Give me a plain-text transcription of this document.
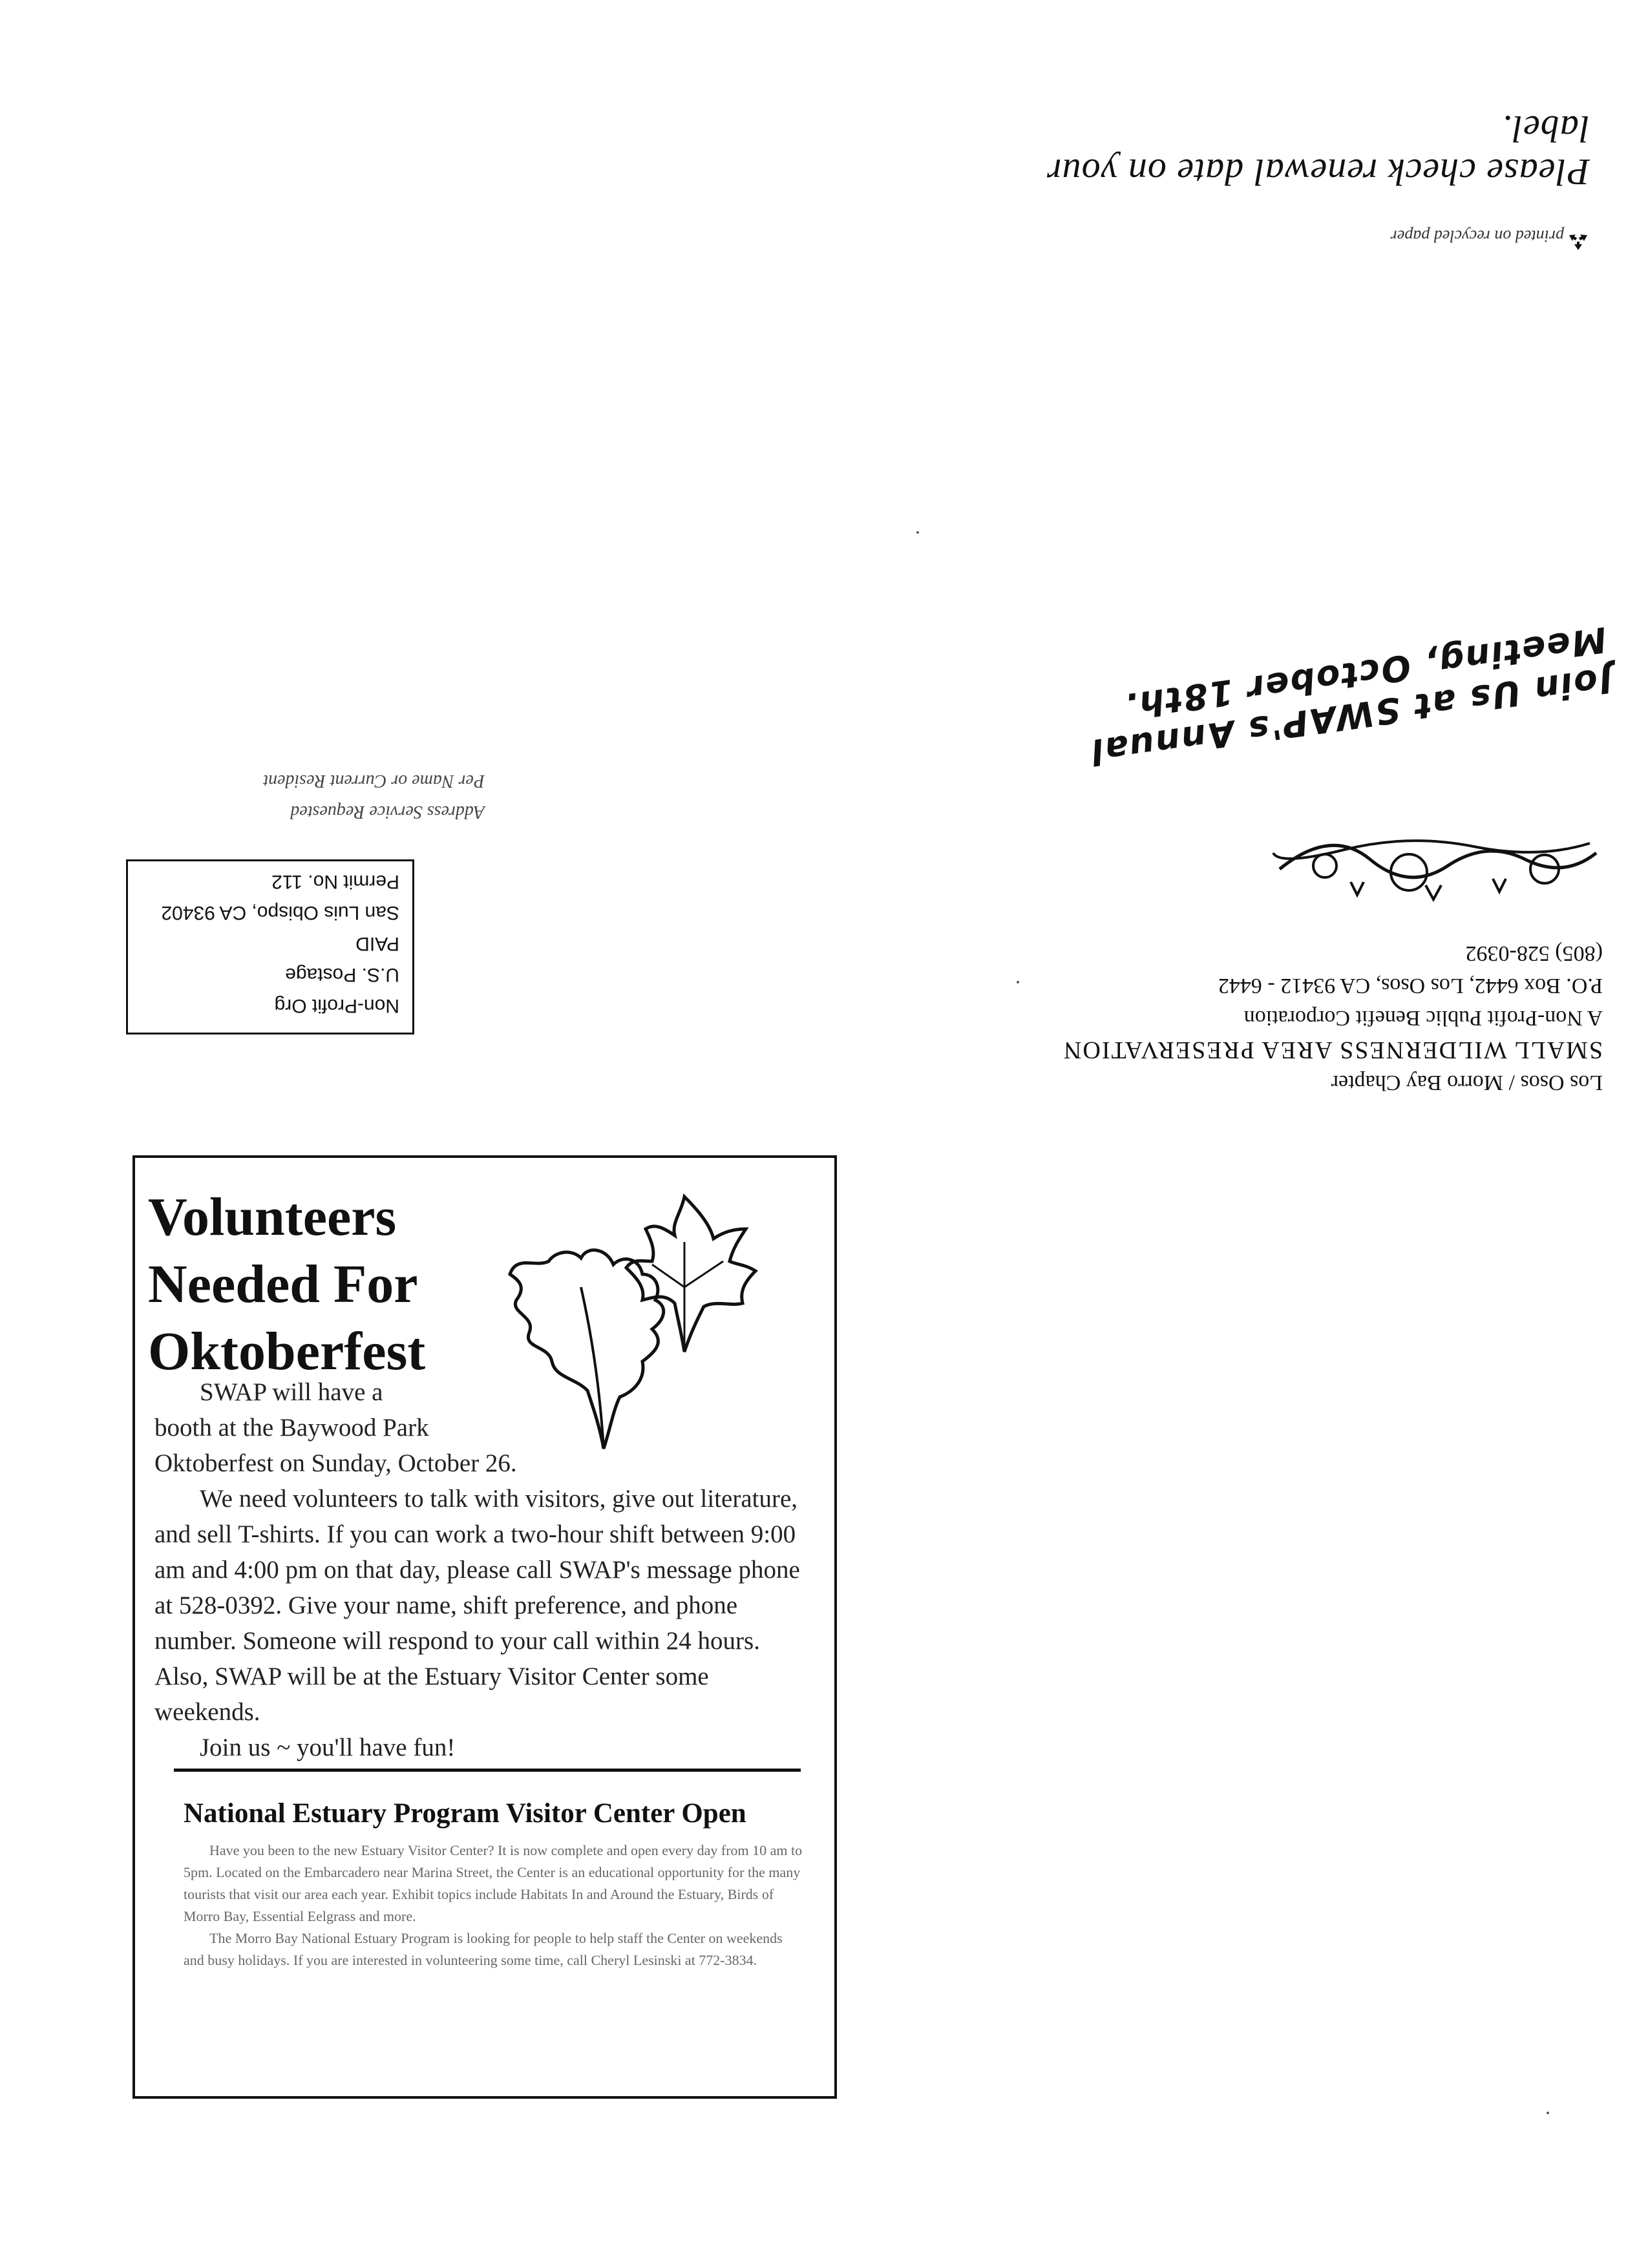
printed on recycled paper
Please check renewal date on your label.
Join Us at SWAP's Annual Meeting, October 18th.
Los Osos / Morro Bay Chapter
SMALL WILDERNESS AREA PRESERVATION
A Non-Profit Public Benefit Corporation
P.O. Box 6442, Los Osos, CA 93412 - 6442
(805) 528-0392
Non-Profit Org
U.S. Postage
PAID
San Luis Obispo, CA 93402
Permit No. 112
Address Service Requested
Per Name or Current Resident
Volunteers
Needed For
Oktoberfest

SWAP will have a

booth at the Baywood Park

Oktoberfest on Sunday, October 26.

We need volunteers to talk with visitors, give out literature, and sell T-shirts. If you can work a two-hour shift between 9:00 am and 4:00 pm on that day, please call SWAP's message phone at 528-0392. Give your name, shift preference, and phone number. Someone will respond to your call within 24 hours. Also, SWAP will be at the Estuary Visitor Center some weekends.

Join us ~ you'll have fun!

National Estuary Program Visitor Center Open

Have you been to the new Estuary Visitor Center? It is now complete and open every day from 10 am to 5pm. Located on the Embarcadero near Marina Street, the Center is an educational opportunity for the many tourists that visit our area each year. Exhibit topics include Habitats In and Around the Estuary, Birds of Morro Bay, Essential Eelgrass and more.

The Morro Bay National Estuary Program is looking for people to help staff the Center on weekends and busy holidays. If you are interested in volunteering some time, call Cheryl Lesinski at 772-3834.
